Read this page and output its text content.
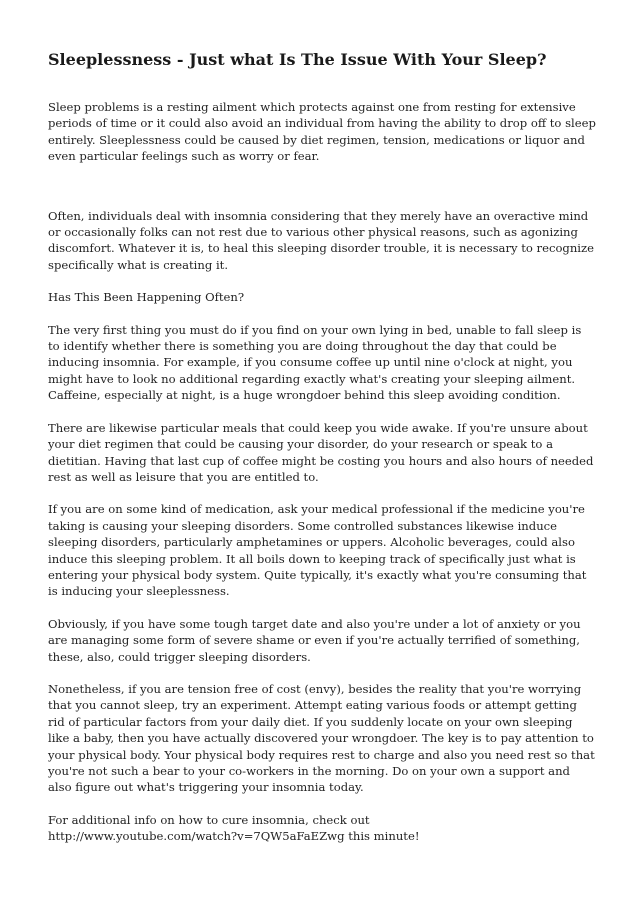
Sleeplessness - Just what Is The Issue With Your Sleep?

Sleep problems is a resting ailment which protects against one from resting for extensive periods of time or it could also avoid an individual from having the ability to drop off to sleep entirely. Sleeplessness could be caused by diet regimen, tension, medications or liquor and even particular feelings such as worry or fear.

Often, individuals deal with insomnia considering that they merely have an overactive mind or occasionally folks can not rest due to various other physical reasons, such as agonizing discomfort. Whatever it is, to heal this sleeping disorder trouble, it is necessary to recognize specifically what is creating it.

Has This Been Happening Often?

The very first thing you must do if you find on your own lying in bed, unable to fall sleep is to identify whether there is something you are doing throughout the day that could be inducing insomnia. For example, if you consume coffee up until nine o'clock at night, you might have to look no additional regarding exactly what's creating your sleeping ailment. Caffeine, especially at night, is a huge wrongdoer behind this sleep avoiding condition.

There are likewise particular meals that could keep you wide awake. If you're unsure about your diet regimen that could be causing your disorder, do your research or speak to a dietitian. Having that last cup of coffee might be costing you hours and also hours of needed rest as well as leisure that you are entitled to.

If you are on some kind of medication, ask your medical professional if the medicine you're taking is causing your sleeping disorders. Some controlled substances likewise induce sleeping disorders, particularly amphetamines or uppers. Alcoholic beverages, could also induce this sleeping problem. It all boils down to keeping track of specifically just what is entering your physical body system. Quite typically, it's exactly what you're consuming that is inducing your sleeplessness.

Obviously, if you have some tough target date and also you're under a lot of anxiety or you are managing some form of severe shame or even if you're actually terrified of something, these, also, could trigger sleeping disorders.

Nonetheless, if you are tension free of cost (envy), besides the reality that you're worrying that you cannot sleep, try an experiment. Attempt eating various foods or attempt getting rid of particular factors from your daily diet. If you suddenly locate on your own sleeping like a baby, then you have actually discovered your wrongdoer. The key is to pay attention to your physical body. Your physical body requires rest to charge and also you need rest so that you're not such a bear to your co-workers in the morning. Do on your own a support and also figure out what's triggering your insomnia today.

For additional info on how to cure insomnia, check out
http://www.youtube.com/watch?v=7QW5aFaEZwg this minute!
